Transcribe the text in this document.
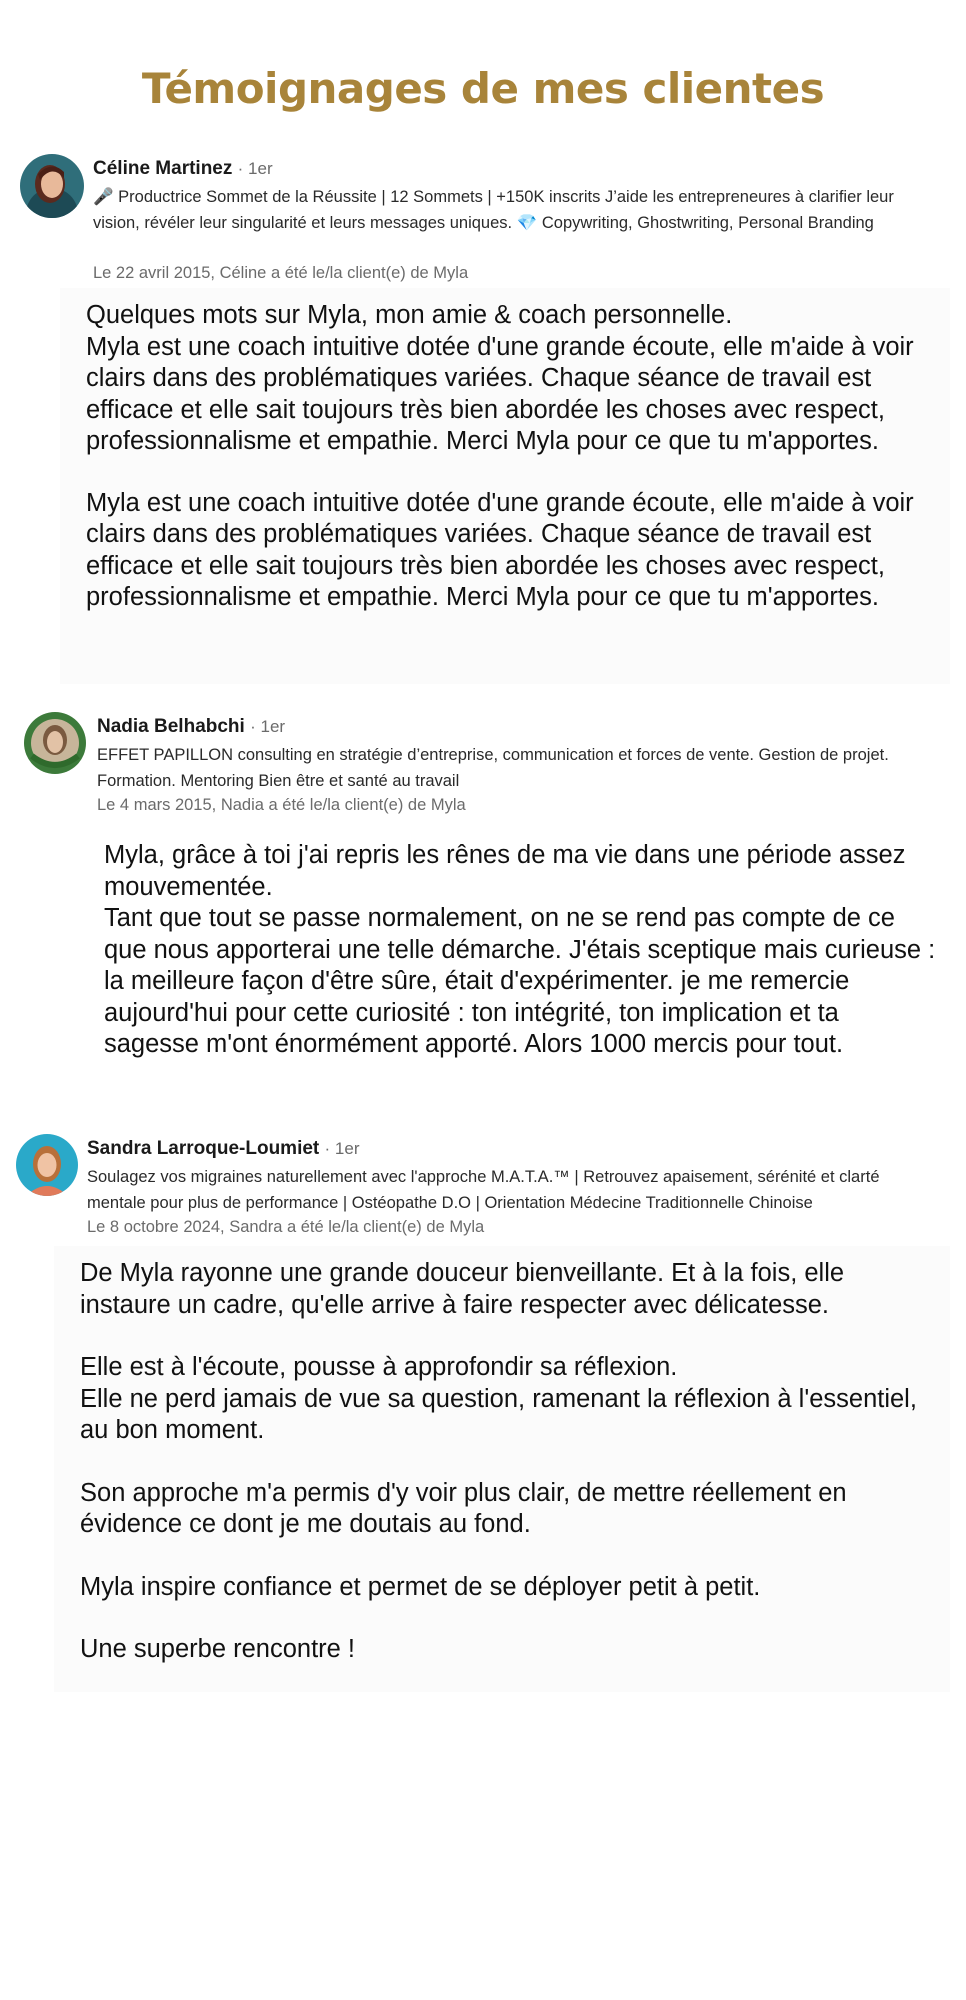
Témoignages de mes clientes
Céline Martinez · 1er
🎤 Productrice Sommet de la Réussite | 12 Sommets | +150K inscrits J’aide les entrepreneures à clarifier leur vision, révéler leur singularité et leurs messages uniques. 💎 Copywriting, Ghostwriting, Personal Branding
Le 22 avril 2015, Céline a été le/la client(e) de Myla

Quelques mots sur Myla, mon amie & coach personnelle.
Myla est une coach intuitive dotée d'une grande écoute, elle m'aide à voir clairs dans des problématiques variées. Chaque séance de travail est efficace et elle sait toujours très bien abordée les choses avec respect, professionnalisme et empathie. Merci Myla pour ce que tu m'apportes.

Myla est une coach intuitive dotée d'une grande écoute, elle m'aide à voir clairs dans des problématiques variées. Chaque séance de travail est efficace et elle sait toujours très bien abordée les choses avec respect, professionnalisme et empathie. Merci Myla pour ce que tu m'apportes.

Nadia Belhabchi · 1er
EFFET PAPILLON consulting en stratégie d’entreprise, communication et forces de vente. Gestion de projet. Formation. Mentoring Bien être et santé au travail
Le 4 mars 2015, Nadia a été le/la client(e) de Myla

Myla, grâce à toi j'ai repris les rênes de ma vie dans une période assez mouvementée.
Tant que tout se passe normalement, on ne se rend pas compte de ce que nous apporterai une telle démarche. J'étais sceptique mais curieuse : la meilleure façon d'être sûre, était d'expérimenter. je me remercie aujourd'hui pour cette curiosité : ton intégrité, ton implication et ta sagesse m'ont énormément apporté. Alors 1000 mercis pour tout.

Sandra Larroque-Loumiet · 1er
Soulagez vos migraines naturellement avec l'approche M.A.T.A.™ | Retrouvez apaisement, sérénité et clarté mentale pour plus de performance | Ostéopathe D.O | Orientation Médecine Traditionnelle Chinoise
Le 8 octobre 2024, Sandra a été le/la client(e) de Myla

De Myla rayonne une grande douceur bienveillante. Et à la fois, elle instaure un cadre, qu'elle arrive à faire respecter avec délicatesse.

Elle est à l'écoute, pousse à approfondir sa réflexion.
Elle ne perd jamais de vue sa question, ramenant la réflexion à l'essentiel, au bon moment.

Son approche m'a permis d'y voir plus clair, de mettre réellement en évidence ce dont je me doutais au fond.

Myla inspire confiance et permet de se déployer petit à petit.

Une superbe rencontre !
